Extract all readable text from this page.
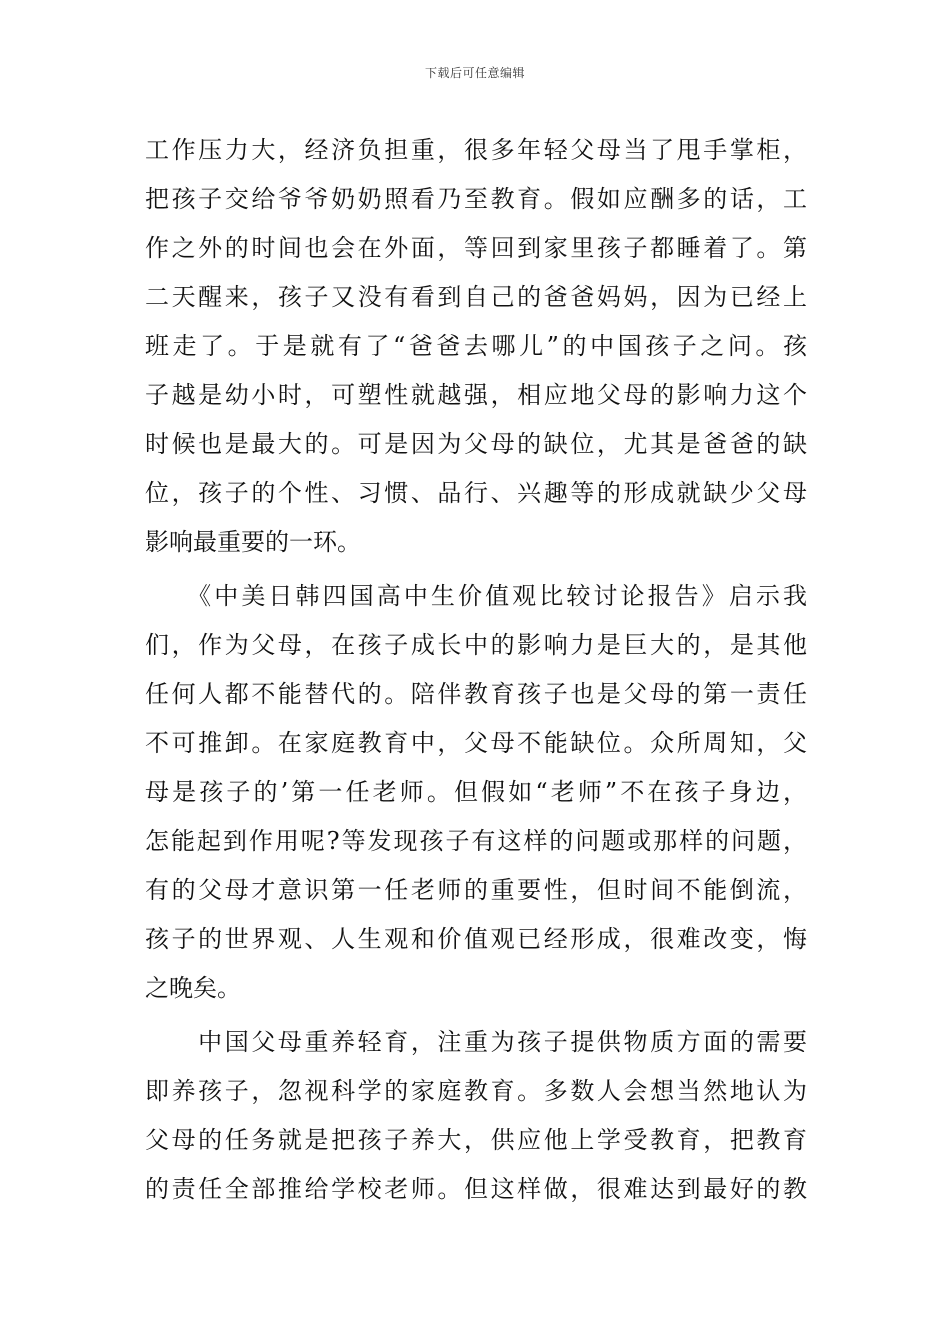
下载后可任意编辑
工作压力大，经济负担重，很多年轻父母当了甩手掌柜，
把孩子交给爷爷奶奶照看乃至教育。假如应酬多的话，工
作之外的时间也会在外面，等回到家里孩子都睡着了。第
二天醒来，孩子又没有看到自己的爸爸妈妈，因为已经上
班走了。于是就有了“爸爸去哪儿”的中国孩子之问。孩
子越是幼小时，可塑性就越强，相应地父母的影响力这个
时候也是最大的。可是因为父母的缺位，尤其是爸爸的缺
位，孩子的个性、习惯、品行、兴趣等的形成就缺少父母
影响最重要的一环。
　　《中美日韩四国高中生价值观比较讨论报告》启示我
们，作为父母，在孩子成长中的影响力是巨大的，是其他
任何人都不能替代的。陪伴教育孩子也是父母的第一责任
不可推卸。在家庭教育中，父母不能缺位。众所周知，父
母是孩子的’第一任老师。但假如“老师”不在孩子身边，
怎能起到作用呢?等发现孩子有这样的问题或那样的问题，
有的父母才意识第一任老师的重要性，但时间不能倒流，
孩子的世界观、人生观和价值观已经形成，很难改变，悔
之晚矣。
　　中国父母重养轻育，注重为孩子提供物质方面的需要
即养孩子，忽视科学的家庭教育。多数人会想当然地认为
父母的任务就是把孩子养大，供应他上学受教育，把教育
的责任全部推给学校老师。但这样做，很难达到最好的教
